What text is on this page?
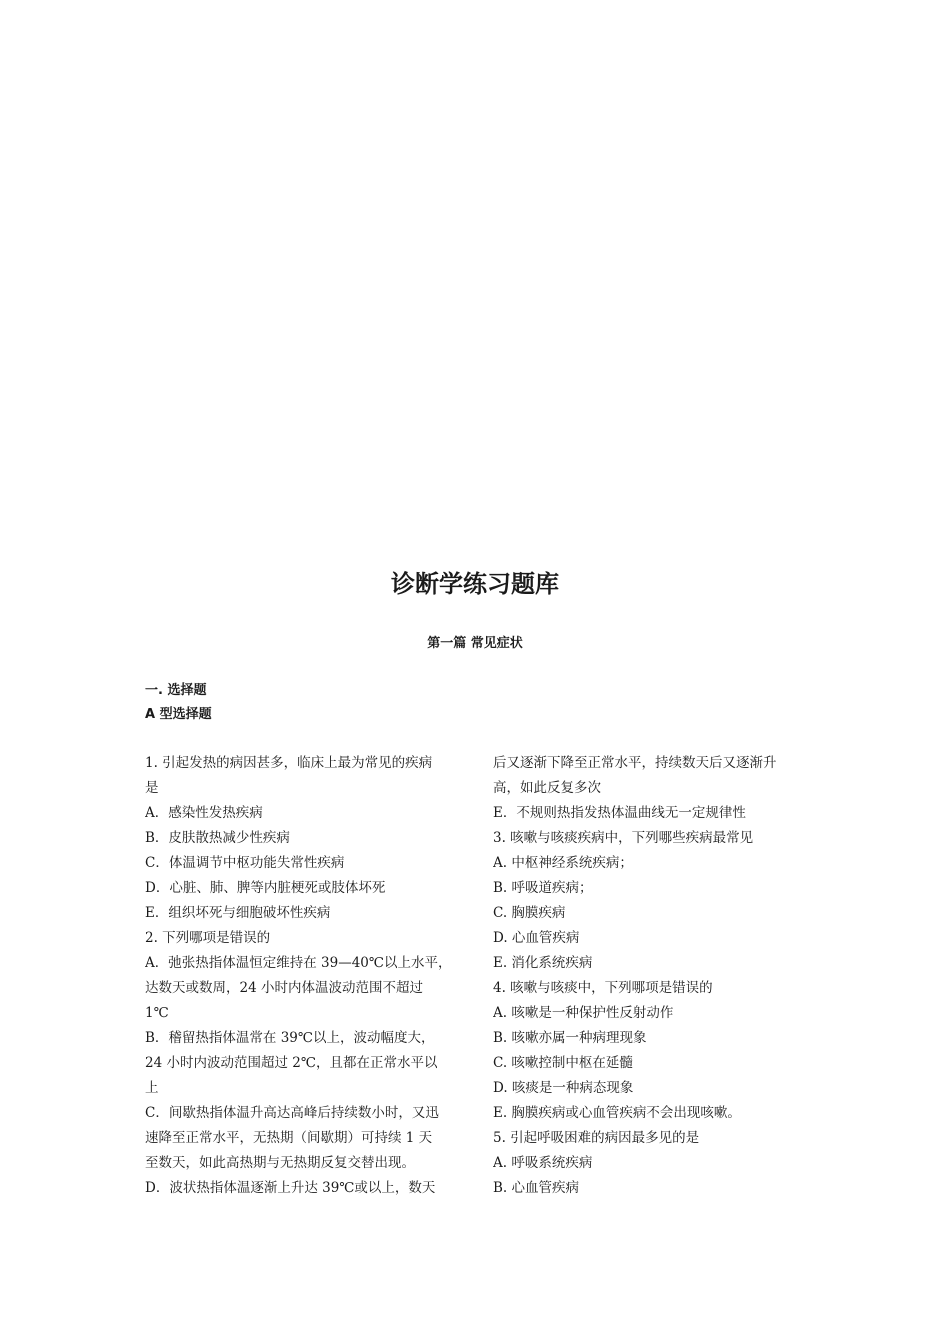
诊断学练习题库
第一篇 常见症状
一. 选择题
A 型选择题
1. 引起发热的病因甚多，临床上最为常见的疾病
是
A．感染性发热疾病
B．皮肤散热减少性疾病
C．体温调节中枢功能失常性疾病
D．心脏、肺、脾等内脏梗死或肢体坏死
E．组织坏死与细胞破坏性疾病
2. 下列哪项是错误的
A．弛张热指体温恒定维持在 39—40℃以上水平，
达数天或数周，24 小时内体温波动范围不超过
1℃
B．稽留热指体温常在 39℃以上，波动幅度大，
24 小时内波动范围超过 2℃，且都在正常水平以
上
C．间歇热指体温升高达高峰后持续数小时，又迅
速降至正常水平，无热期（间歇期）可持续 1 天
至数天，如此高热期与无热期反复交替出现。
D．波状热指体温逐渐上升达 39℃或以上，数天
后又逐渐下降至正常水平，持续数天后又逐渐升
高，如此反复多次
E．不规则热指发热体温曲线无一定规律性
3. 咳嗽与咳痰疾病中，下列哪些疾病最常见
A. 中枢神经系统疾病；
B. 呼吸道疾病；
C. 胸膜疾病
D. 心血管疾病
E. 消化系统疾病
4. 咳嗽与咳痰中，下列哪项是错误的
A. 咳嗽是一种保护性反射动作
B. 咳嗽亦属一种病理现象
C. 咳嗽控制中枢在延髓
D. 咳痰是一种病态现象
E. 胸膜疾病或心血管疾病不会出现咳嗽。
5. 引起呼吸困难的病因最多见的是
A. 呼吸系统疾病
B. 心血管疾病
